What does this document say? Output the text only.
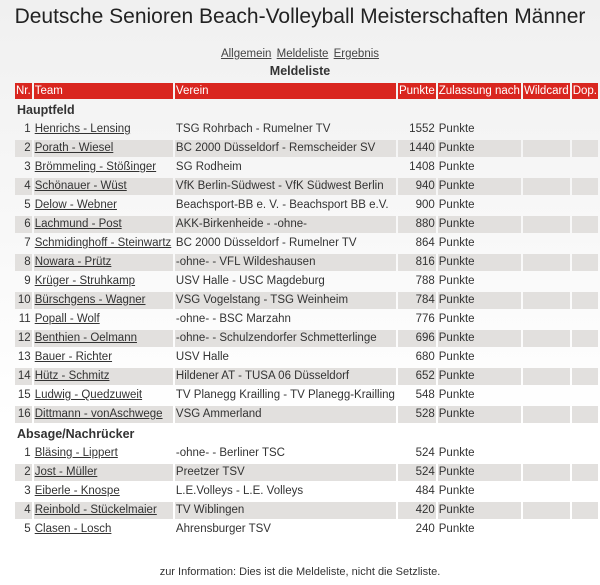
Deutsche Senioren Beach-Volleyball Meisterschaften Männer
Allgemein Meldeliste Ergebnis
Meldeliste
Nr.	Team	Verein	Punkte	Zulassung nach	Wildcard	Dop.
Hauptfeld						
1	Henrichs - Lensing	TSG Rohrbach - Rumelner TV	1552	Punkte		
2	Porath - Wiesel	BC 2000 Düsseldorf - Remscheider SV	1440	Punkte		
3	Brömmeling - Stößinger	SG Rodheim	1408	Punkte		
4	Schönauer - Wüst	VfK Berlin-Südwest - VfK Südwest Berlin	940	Punkte		
5	Delow - Webner	Beachsport-BB e. V. - Beachsport BB e.V.	900	Punkte		
6	Lachmund - Post	AKK-Birkenheide - -ohne-	880	Punkte		
7	Schmidinghoff - Steinwartz	BC 2000 Düsseldorf - Rumelner TV	864	Punkte		
8	Nowara - Prütz	-ohne- - VFL Wildeshausen	816	Punkte		
9	Krüger - Struhkamp	USV Halle - USC Magdeburg	788	Punkte		
10	Bürschgens - Wagner	VSG Vogelstang - TSG Weinheim	784	Punkte		
11	Popall - Wolf	-ohne- - BSC Marzahn	776	Punkte		
12	Benthien - Oelmann	-ohne- - Schulzendorfer Schmetterlinge	696	Punkte		
13	Bauer - Richter	USV Halle	680	Punkte		
14	Hütz - Schmitz	Hildener AT - TUSA 06 Düsseldorf	652	Punkte		
15	Ludwig - Quedzuweit	TV Planegg Krailling - TV Planegg-Krailling	548	Punkte		
16	Dittmann - vonAschwege	VSG Ammerland	528	Punkte		
Absage/Nachrücker						
1	Bläsing - Lippert	-ohne- - Berliner TSC	524	Punkte		
2	Jost - Müller	Preetzer TSV	524	Punkte		
3	Eiberle - Knospe	L.E.Volleys - L.E. Volleys	484	Punkte		
4	Reinbold - Stückelmaier	TV Wiblingen	420	Punkte		
5	Clasen - Losch	Ahrensburger TSV	240	Punkte		
zur Information: Dies ist die Meldeliste, nicht die Setzliste.
